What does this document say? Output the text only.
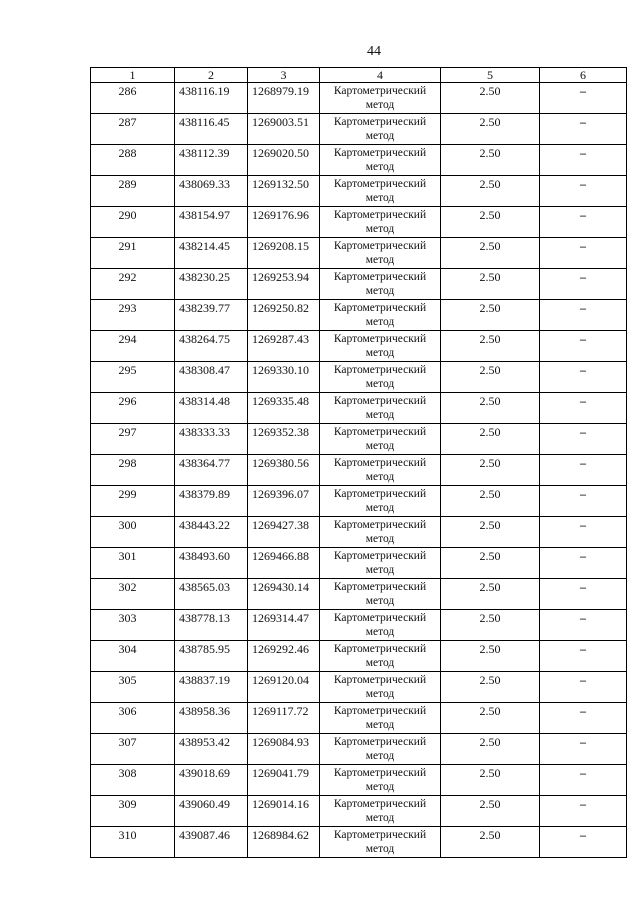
44
1	2	3	4	5	6
286	438116.19	1268979.19	Картометрический метод	2.50	–
287	438116.45	1269003.51	Картометрический метод	2.50	–
288	438112.39	1269020.50	Картометрический метод	2.50	–
289	438069.33	1269132.50	Картометрический метод	2.50	–
290	438154.97	1269176.96	Картометрический метод	2.50	–
291	438214.45	1269208.15	Картометрический метод	2.50	–
292	438230.25	1269253.94	Картометрический метод	2.50	–
293	438239.77	1269250.82	Картометрический метод	2.50	–
294	438264.75	1269287.43	Картометрический метод	2.50	–
295	438308.47	1269330.10	Картометрический метод	2.50	–
296	438314.48	1269335.48	Картометрический метод	2.50	–
297	438333.33	1269352.38	Картометрический метод	2.50	–
298	438364.77	1269380.56	Картометрический метод	2.50	–
299	438379.89	1269396.07	Картометрический метод	2.50	–
300	438443.22	1269427.38	Картометрический метод	2.50	–
301	438493.60	1269466.88	Картометрический метод	2.50	–
302	438565.03	1269430.14	Картометрический метод	2.50	–
303	438778.13	1269314.47	Картометрический метод	2.50	–
304	438785.95	1269292.46	Картометрический метод	2.50	–
305	438837.19	1269120.04	Картометрический метод	2.50	–
306	438958.36	1269117.72	Картометрический метод	2.50	–
307	438953.42	1269084.93	Картометрический метод	2.50	–
308	439018.69	1269041.79	Картометрический метод	2.50	–
309	439060.49	1269014.16	Картометрический метод	2.50	–
310	439087.46	1268984.62	Картометрический метод	2.50	–
